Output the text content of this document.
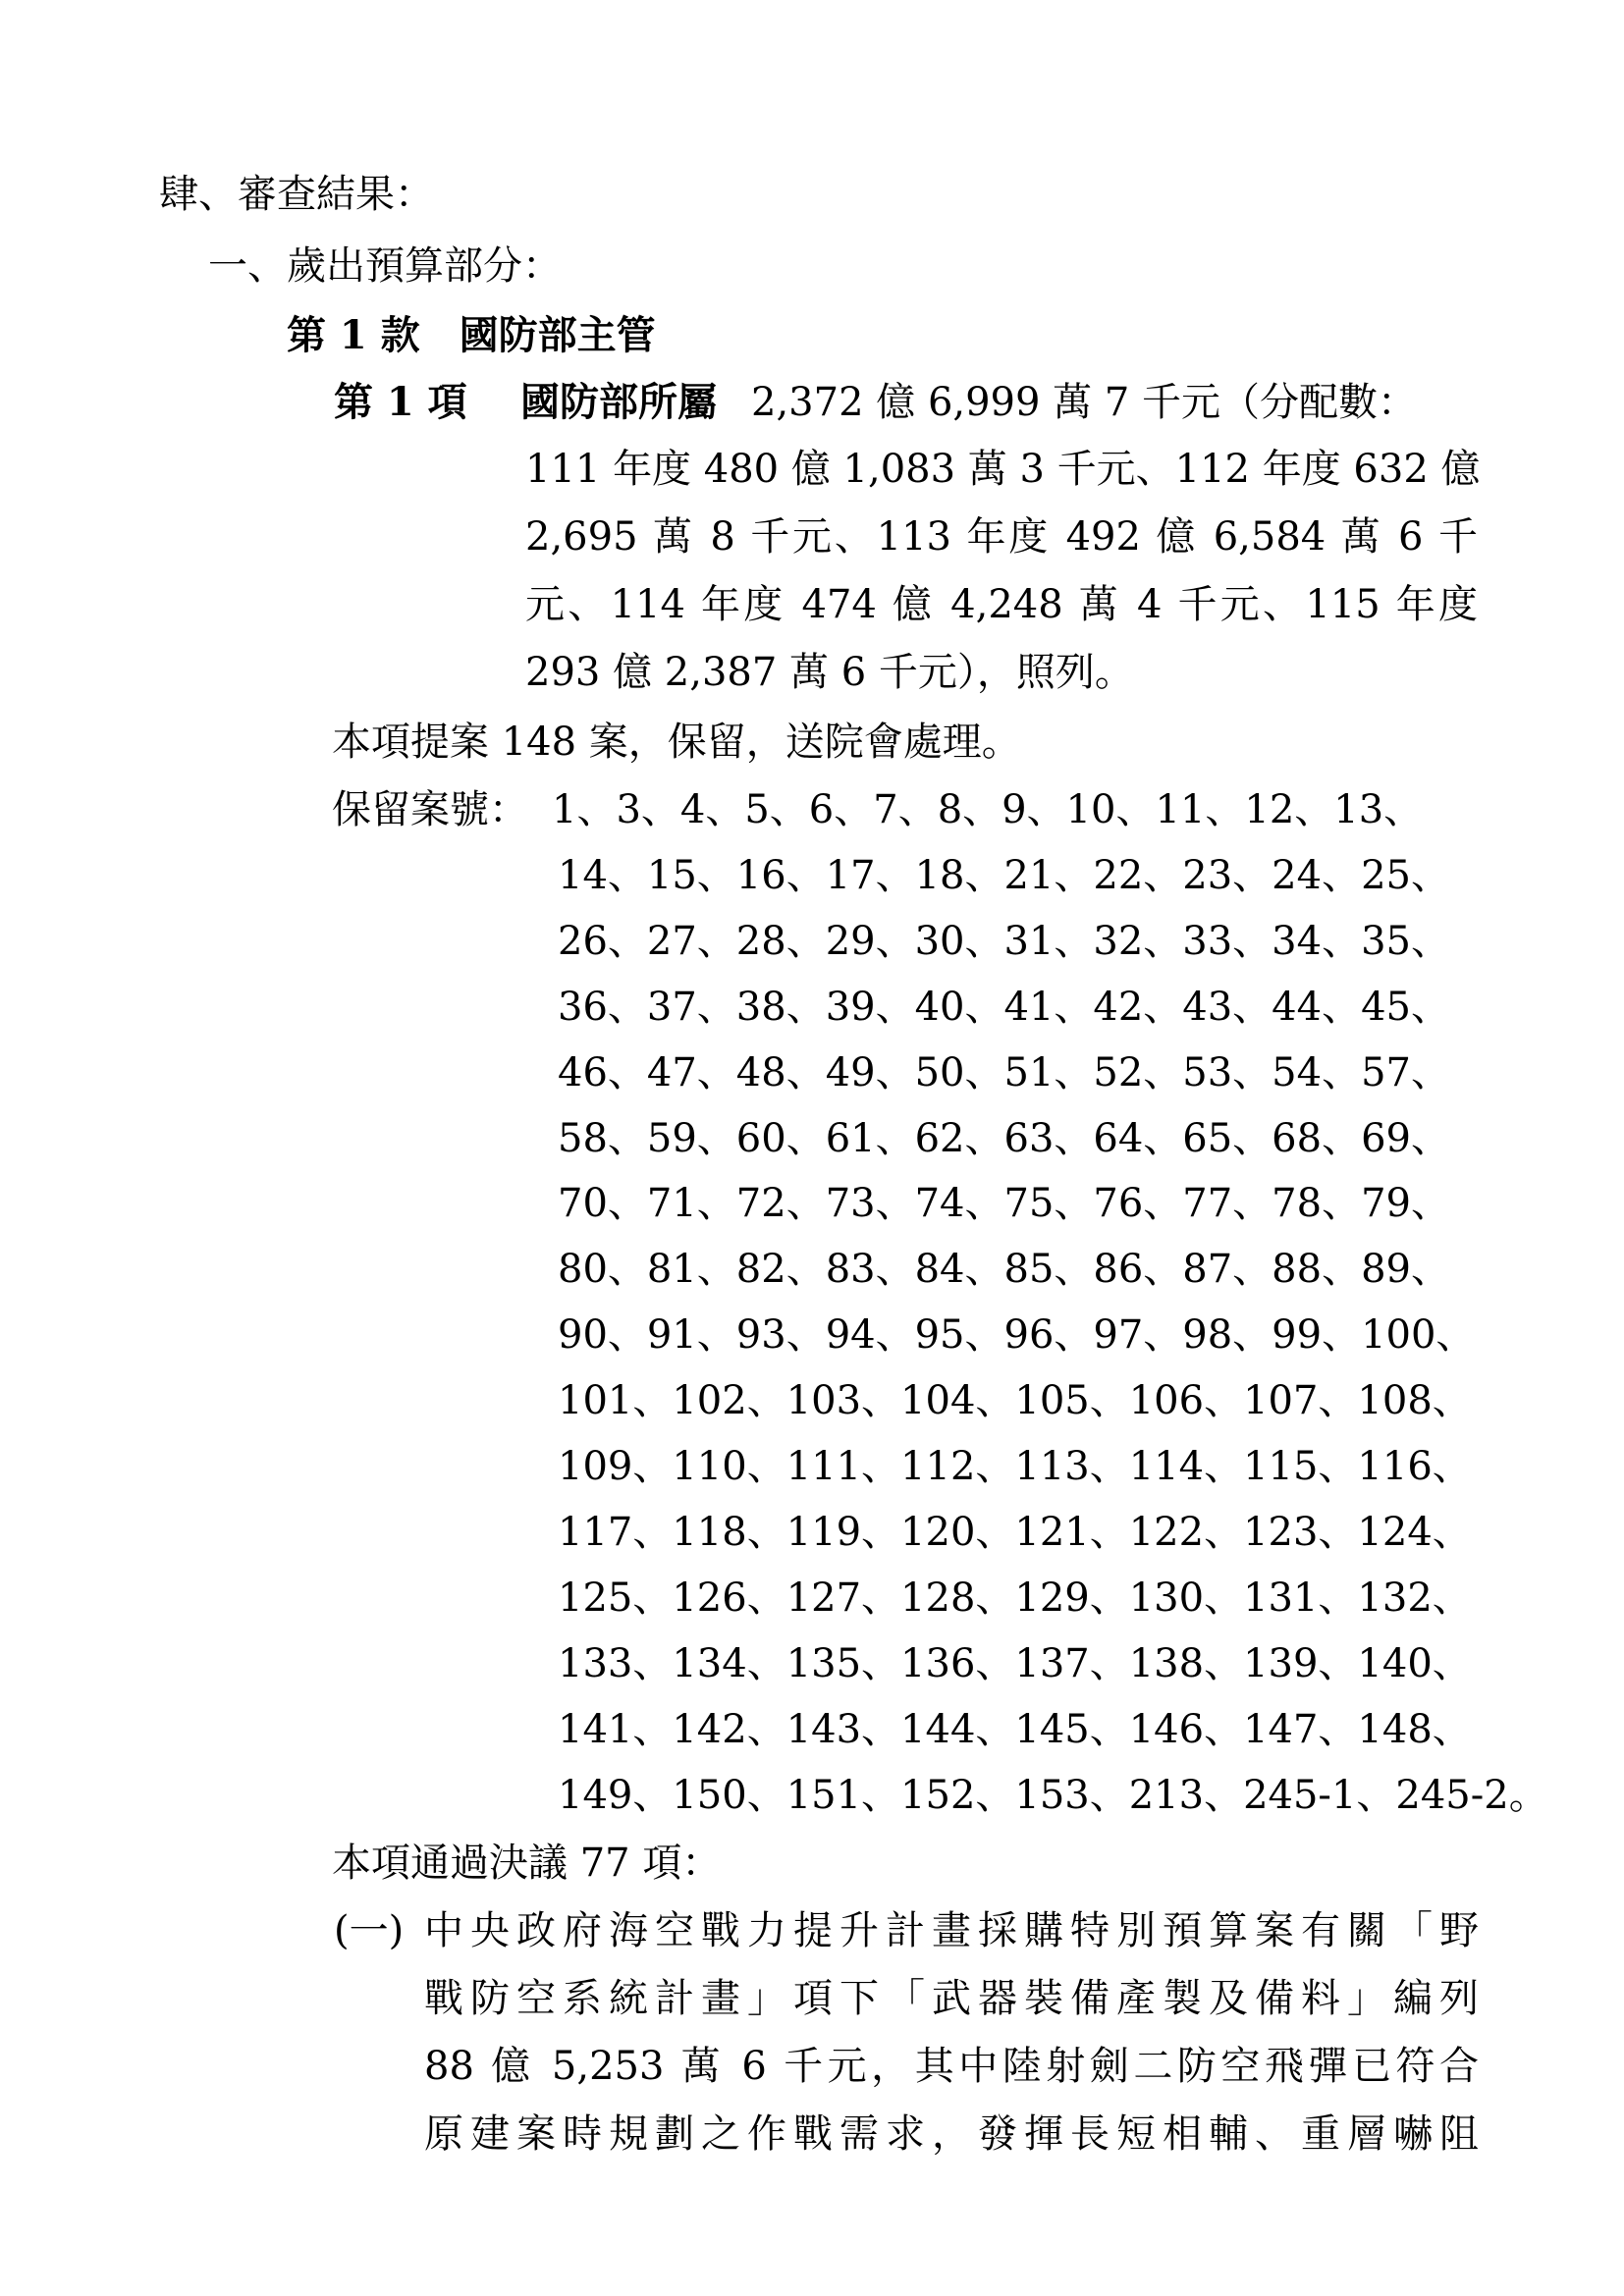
肆、審查結果：
一、歲出預算部分：
第 1 款　國防部主管
第 1 項 國防部所屬 2,372 億 6,999 萬 7 千元（分配數：
111 年度 480 億 1,083 萬 3 千元、112 年度 632 億
2,695 萬 8 千元、113 年度 492 億 6,584 萬 6 千
元、114 年度 474 億 4,248 萬 4 千元、115 年度
293 億 2,387 萬 6 千元），照列。
本項提案 148 案，保留，送院會處理。
保留案號： 1、3、4、5、6、7、8、9、10、11、12、13、
14、15、16、17、18、21、22、23、24、25、
26、27、28、29、30、31、32、33、34、35、
36、37、38、39、40、41、42、43、44、45、
46、47、48、49、50、51、52、53、54、57、
58、59、60、61、62、63、64、65、68、69、
70、71、72、73、74、75、76、77、78、79、
80、81、82、83、84、85、86、87、88、89、
90、91、93、94、95、96、97、98、99、100、
101、102、103、104、105、106、107、108、
109、110、111、112、113、114、115、116、
117、118、119、120、121、122、123、124、
125、126、127、128、129、130、131、132、
133、134、135、136、137、138、139、140、
141、142、143、144、145、146、147、148、
149、150、151、152、153、213、245-1、245-2。
本項通過決議 77 項：
(一) 中央政府海空戰力提升計畫採購特別預算案有關「野
戰防空系統計畫」項下「武器裝備產製及備料」編列
88 億 5,253 萬 6 千元，其中陸射劍二防空飛彈已符合
原建案時規劃之作戰需求，發揮長短相輔、重層嚇阻
